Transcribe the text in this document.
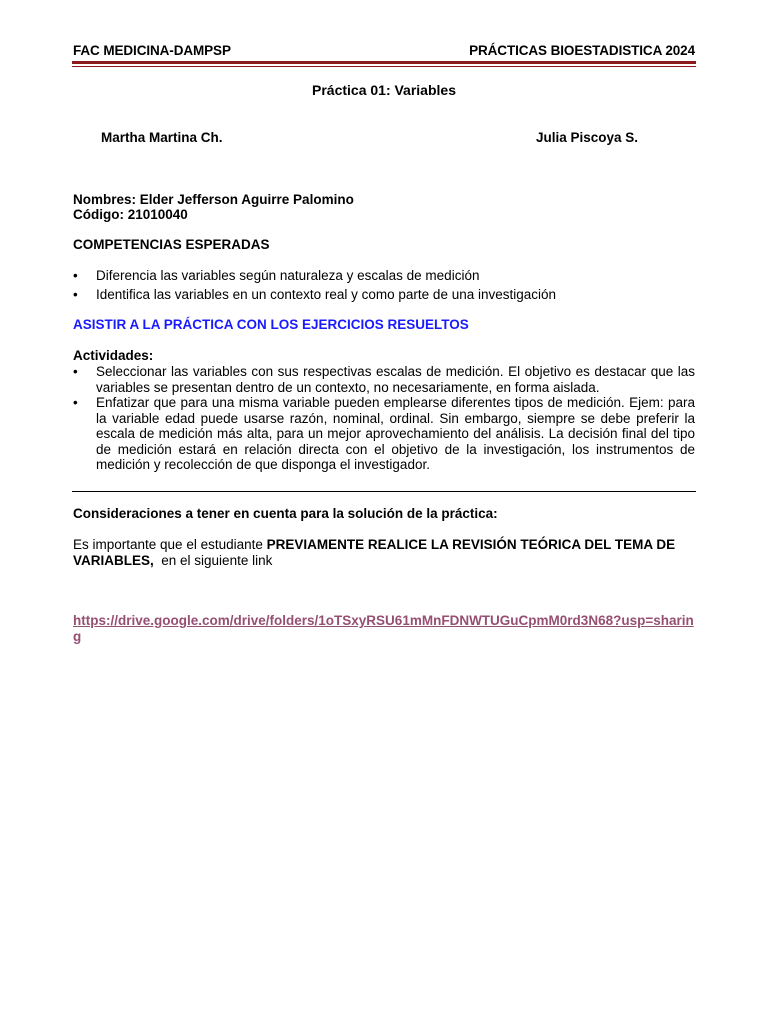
FAC MEDICINA-DAMPSP	PRÁCTICAS BIOESTADISTICA 2024
Práctica 01: Variables
Martha Martina Ch.	Julia Piscoya S.
Nombres: Elder Jefferson Aguirre Palomino
Código: 21010040
COMPETENCIAS ESPERADAS
•	Diferencia las variables según naturaleza y escalas de medición
•	Identifica las variables en un contexto real y como parte de una investigación
ASISTIR A LA PRÁCTICA CON LOS EJERCICIOS RESUELTOS
Actividades:
•	Seleccionar las variables con sus respectivas escalas de medición. El objetivo es destacar que las variables se presentan dentro de un contexto, no necesariamente, en forma aislada.
•	Enfatizar que para una misma variable pueden emplearse diferentes tipos de medición. Ejem: para la variable edad puede usarse razón, nominal, ordinal. Sin embargo, siempre se debe preferir la escala de medición más alta, para un mejor aprovechamiento del análisis. La decisión final del tipo de medición estará en relación directa con el objetivo de la investigación, los instrumentos de medición y recolección de que disponga el investigador.
Consideraciones a tener en cuenta para la solución de la práctica:
Es importante que el estudiante PREVIAMENTE REALICE LA REVISIÓN TEÓRICA DEL TEMA DE VARIABLES,  en el siguiente link
https://drive.google.com/drive/folders/1oTSxyRSU61mMnFDNWTUGuCpmM0rd3N68?usp=sharing
